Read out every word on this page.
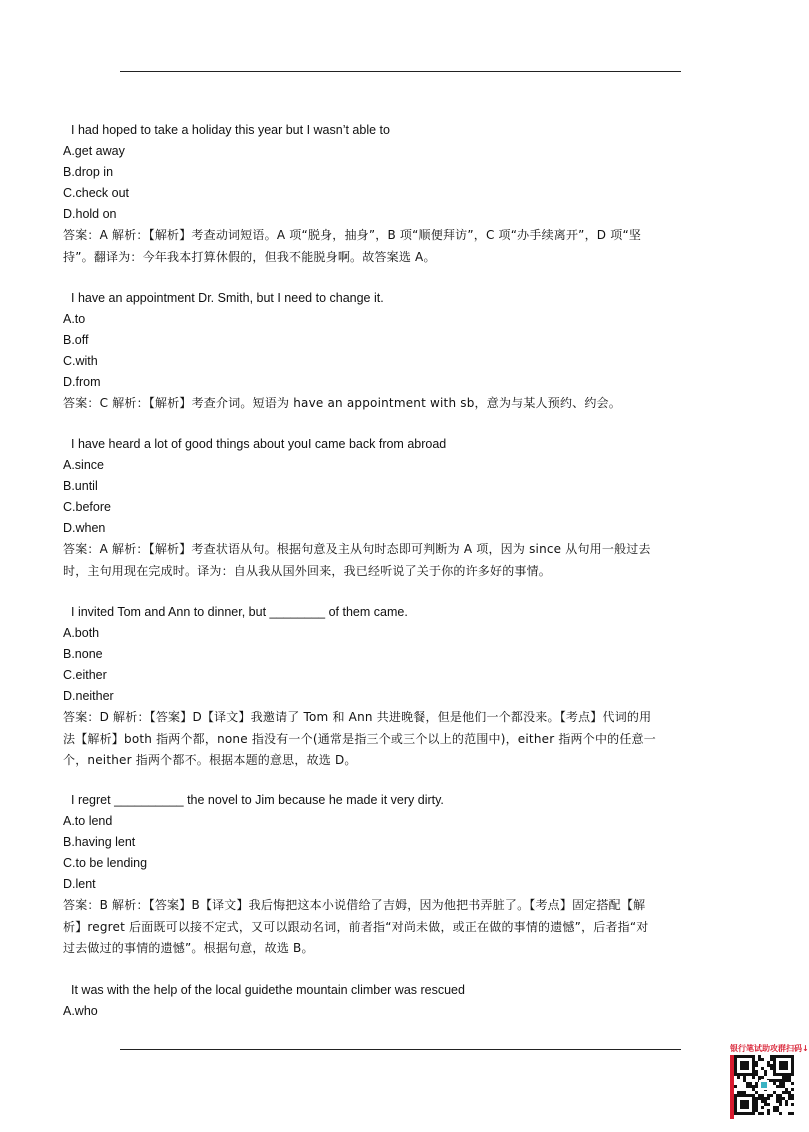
I had hoped to take a holiday this year but I wasn’t able to
A.get away
B.drop in
C.check out
D.hold on
答案：A 解析：【解析】考查动词短语。A 项“脱身，抽身”，B 项“顺便拜访”，C 项“办手续离开”，D 项“坚
持”。翻译为：今年我本打算休假的，但我不能脱身啊。故答案选 A。
I have an appointment Dr. Smith, but I need to change it.
A.to
B.off
C.with
D.from
答案：C 解析：【解析】考查介词。短语为 have an appointment with sb，意为与某人预约、约会。
I have heard a lot of good things about youI came back from abroad
A.since
B.until
C.before
D.when
答案：A 解析：【解析】考查状语从句。根据句意及主从句时态即可判断为 A 项，因为 since 从句用一般过去
时，主句用现在完成时。译为：自从我从国外回来，我已经听说了关于你的许多好的事情。
I invited Tom and Ann to dinner, but ________ of them came.
A.both
B.none
C.either
D.neither
答案：D 解析：【答案】D【译文】我邀请了 Tom 和 Ann 共进晚餐，但是他们一个都没来。【考点】代词的用
法【解析】both 指两个都，none 指没有一个(通常是指三个或三个以上的范围中)，either 指两个中的任意一
个，neither 指两个都不。根据本题的意思，故选 D。
I regret __________ the novel to Jim because he made it very dirty.
A.to lend
B.having lent
C.to be lending
D.lent
答案：B 解析：【答案】B【译文】我后悔把这本小说借给了吉姆，因为他把书弄脏了。【考点】固定搭配【解
析】regret 后面既可以接不定式，又可以跟动名词，前者指“对尚未做，或正在做的事情的遗憾”，后者指“对
过去做过的事情的遗憾”。根据句意，故选 B。
It was with the help of the local guidethe mountain climber was rescued
A.who
银行笔试助攻群扫码↓
